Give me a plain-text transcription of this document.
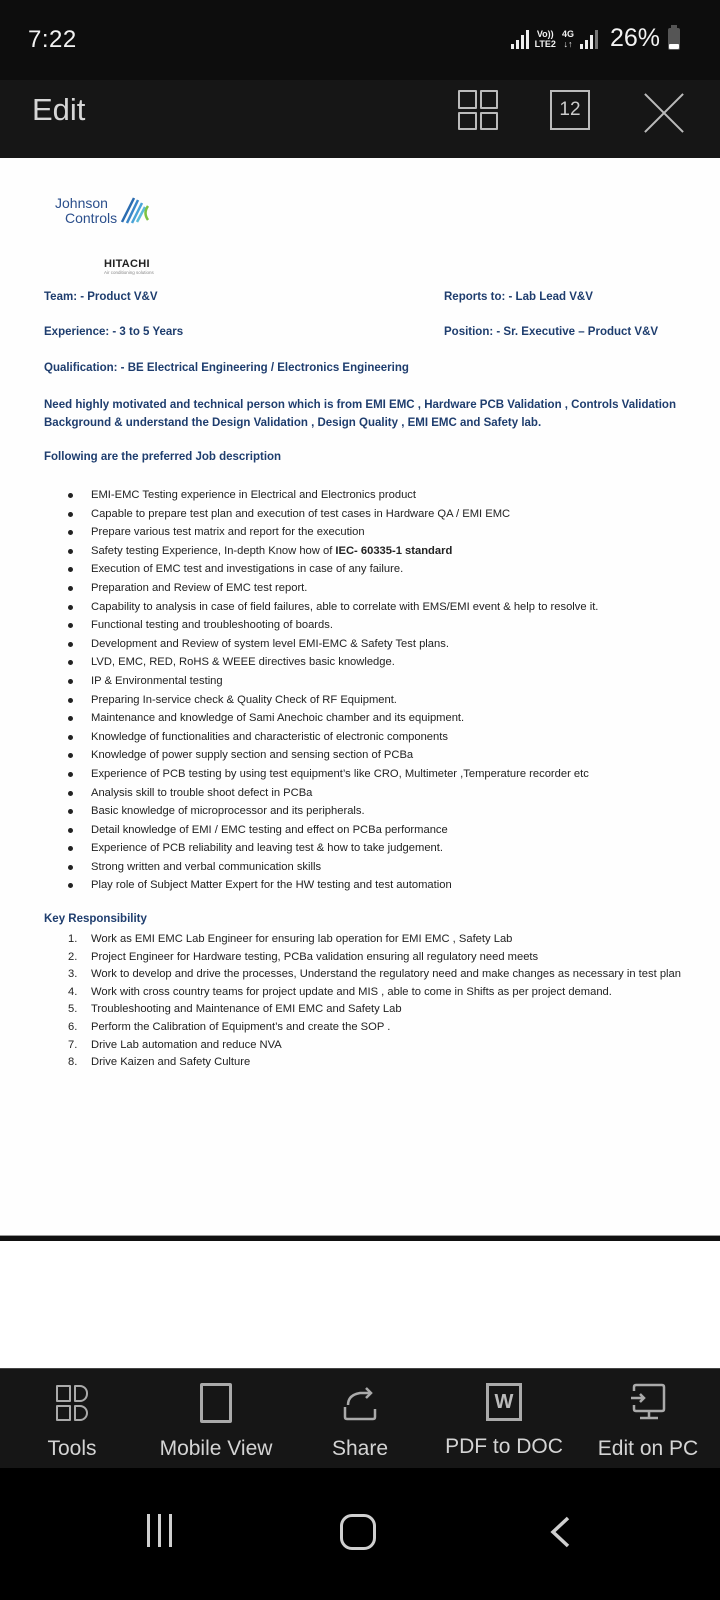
7:22	Vo))
LTE2
4G
↓↑ 26%
Edit	12
Johnson
Controls
HITACHI
Air conditioning solutions
Team: - Product V&V	Reports to: - Lab Lead V&V
Experience: - 3 to 5 Years	Position: - Sr. Executive – Product V&V
Qualification: - BE Electrical Engineering / Electronics Engineering
Need highly motivated and technical person which is from EMI EMC , Hardware PCB Validation , Controls Validation Background & understand the Design Validation , Design Quality , EMI EMC and Safety lab.
Following are the preferred Job description
EMI-EMC Testing experience in Electrical and Electronics product
Capable to prepare test plan and execution of test cases in Hardware QA / EMI EMC
Prepare various test matrix and report for the execution
Safety testing Experience, In-depth Know how of IEC- 60335-1 standard
Execution of EMC test and investigations in case of any failure.
Preparation and Review of EMC test report.
Capability to analysis in case of field failures, able to correlate with EMS/EMI event & help to resolve it.
Functional testing and troubleshooting of boards.
Development and Review of system level EMI-EMC & Safety Test plans.
LVD, EMC, RED, RoHS & WEEE directives basic knowledge.
IP & Environmental testing
Preparing In-service check & Quality Check of RF Equipment.
Maintenance and knowledge of Sami Anechoic chamber and its equipment.
Knowledge of functionalities and characteristic of electronic components
Knowledge of power supply section and sensing section of PCBa
Experience of PCB testing by using test equipment’s like CRO, Multimeter ,Temperature recorder etc
Analysis skill to trouble shoot defect in PCBa
Basic knowledge of microprocessor and its peripherals.
Detail knowledge of EMI / EMC testing and effect on PCBa performance
Experience of PCB reliability and leaving test & how to take judgement.
Strong written and verbal communication skills
Play role of Subject Matter Expert for the HW testing and test automation
Key Responsibility
1. Work as EMI EMC Lab Engineer for ensuring lab operation for EMI EMC , Safety Lab
2. Project Engineer for Hardware testing, PCBa validation ensuring all regulatory need meets
3. Work to develop and drive the processes, Understand the regulatory need and make changes as necessary in test plan
4. Work with cross country teams for project update and MIS , able to come in Shifts as per project demand.
5. Troubleshooting and Maintenance of EMI EMC and Safety Lab
6. Perform the Calibration of Equipment’s and create the SOP .
7. Drive Lab automation and reduce NVA
8. Drive Kaizen and Safety Culture
Tools	Mobile View	Share
W
PDF to DOC Edit on PC
